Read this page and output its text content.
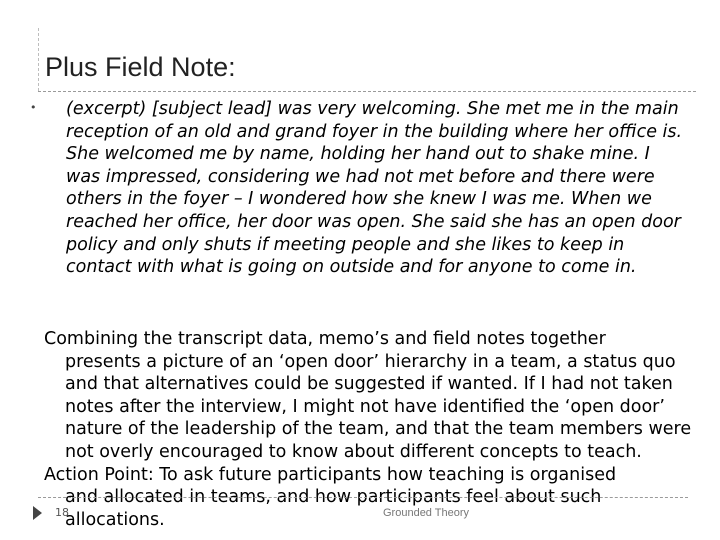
Plus Field Note:
•	(excerpt) [subject lead] was very welcoming. She met me in the main reception of an old and grand foyer in the building where her office is. She welcomed me by name, holding her hand out to shake mine. I was impressed, considering we had not met before and there were others in the foyer – I wondered how she knew I was me. When we reached her office, her door was open. She said she has an open door policy and only shuts if meeting people and she likes to keep in contact with what is going on outside and for anyone to come in.

Combining the transcript data, memo’s and field notes together
presents a picture of an ‘open door’ hierarchy in a team, a status quo and that alternatives could be suggested if wanted. If I had not taken notes after the interview, I might not have identified the ‘open door’ nature of the leadership of the team, and that the team members were not overly encouraged to know about different concepts to teach.
Action Point: To ask future participants how teaching is organised
and allocated in teams, and how participants feel about such allocations.
18	Grounded Theory
